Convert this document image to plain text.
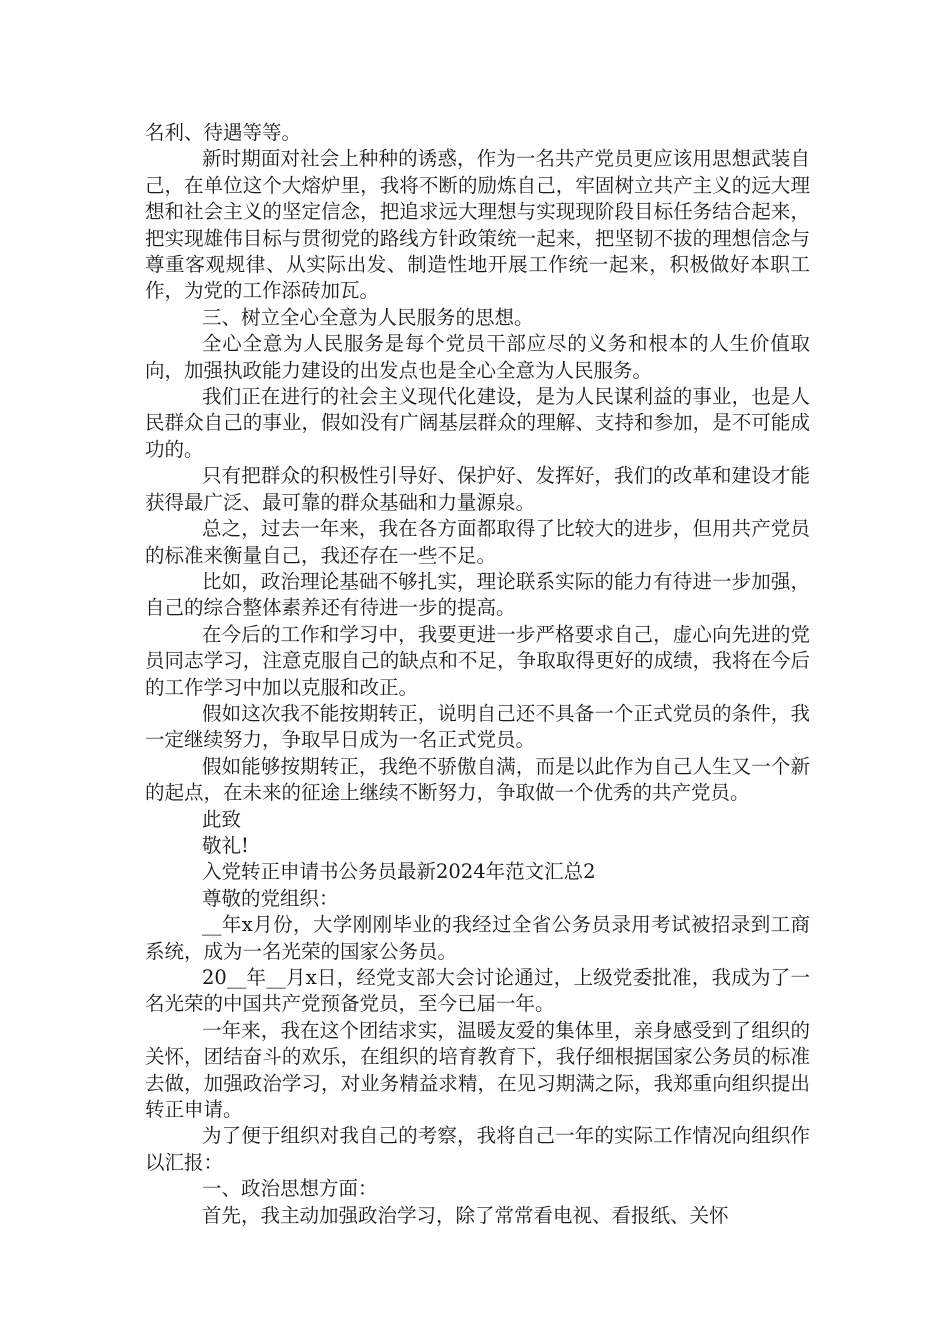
名利、待遇等等。

新时期面对社会上种种的诱惑，作为一名共产党员更应该用思想武装自己，在单位这个大熔炉里，我将不断的励炼自己，牢固树立共产主义的远大理想和社会主义的坚定信念，把追求远大理想与实现现阶段目标任务结合起来，把实现雄伟目标与贯彻党的路线方针政策统一起来，把坚韧不拔的理想信念与尊重客观规律、从实际出发、制造性地开展工作统一起来，积极做好本职工作，为党的工作添砖加瓦。

三、树立全心全意为人民服务的思想。

全心全意为人民服务是每个党员干部应尽的义务和根本的人生价值取向，加强执政能力建设的出发点也是全心全意为人民服务。

我们正在进行的社会主义现代化建设，是为人民谋利益的事业，也是人民群众自己的事业，假如没有广阔基层群众的理解、支持和参加，是不可能成功的。

只有把群众的积极性引导好、保护好、发挥好，我们的改革和建设才能获得最广泛、最可靠的群众基础和力量源泉。

总之，过去一年来，我在各方面都取得了比较大的进步，但用共产党员的标准来衡量自己，我还存在一些不足。

比如，政治理论基础不够扎实，理论联系实际的能力有待进一步加强，自己的综合整体素养还有待进一步的提高。

在今后的工作和学习中，我要更进一步严格要求自己，虚心向先进的党员同志学习，注意克服自己的缺点和不足，争取取得更好的成绩，我将在今后的工作学习中加以克服和改正。

假如这次我不能按期转正，说明自己还不具备一个正式党员的条件，我一定继续努力，争取早日成为一名正式党员。

假如能够按期转正，我绝不骄傲自满，而是以此作为自己人生又一个新的起点，在未来的征途上继续不断努力，争取做一个优秀的共产党员。

此致

敬礼!

入党转正申请书公务员最新2024年范文汇总2

尊敬的党组织：

__年x月份，大学刚刚毕业的我经过全省公务员录用考试被招录到工商系统，成为一名光荣的国家公务员。

20__年__月x日，经党支部大会讨论通过，上级党委批准，我成为了一名光荣的中国共产党预备党员，至今已届一年。

一年来，我在这个团结求实，温暖友爱的集体里，亲身感受到了组织的关怀，团结奋斗的欢乐，在组织的培育教育下，我仔细根据国家公务员的标准去做，加强政治学习，对业务精益求精，在见习期满之际，我郑重向组织提出转正申请。

为了便于组织对我自己的考察，我将自己一年的实际工作情况向组织作以汇报：

一、政治思想方面：

首先，我主动加强政治学习，除了常常看电视、看报纸、关怀
